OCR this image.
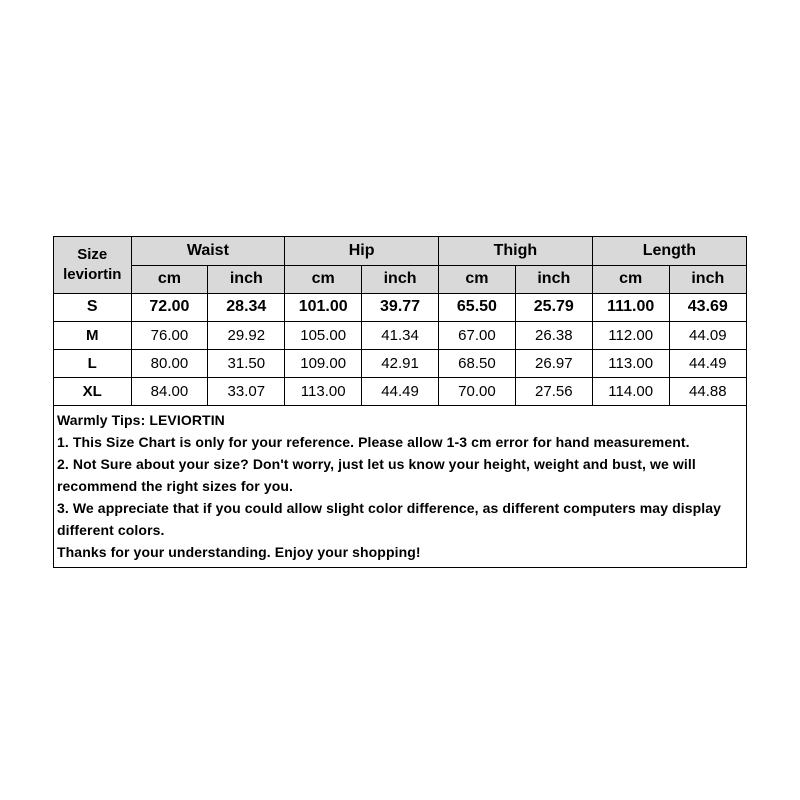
Size
leviortin	Waist		Hip		Thigh		Length	
	cm	inch	cm	inch	cm	inch	cm	inch
S	72.00	28.34	101.00	39.77	65.50	25.79	111.00	43.69
M	76.00	29.92	105.00	41.34	67.00	26.38	112.00	44.09
L	80.00	31.50	109.00	42.91	68.50	26.97	113.00	44.49
XL	84.00	33.07	113.00	44.49	70.00	27.56	114.00	44.88
Warmly Tips: LEVIORTIN
1. This Size Chart is only for your reference. Please allow 1-3 cm error for hand measurement.
2. Not Sure about your size? Don't worry, just let us know your height, weight and bust, we will recommend the right sizes for you.
3. We appreciate that if you could allow slight color difference, as different computers may display different colors.
Thanks for your understanding. Enjoy your shopping!
